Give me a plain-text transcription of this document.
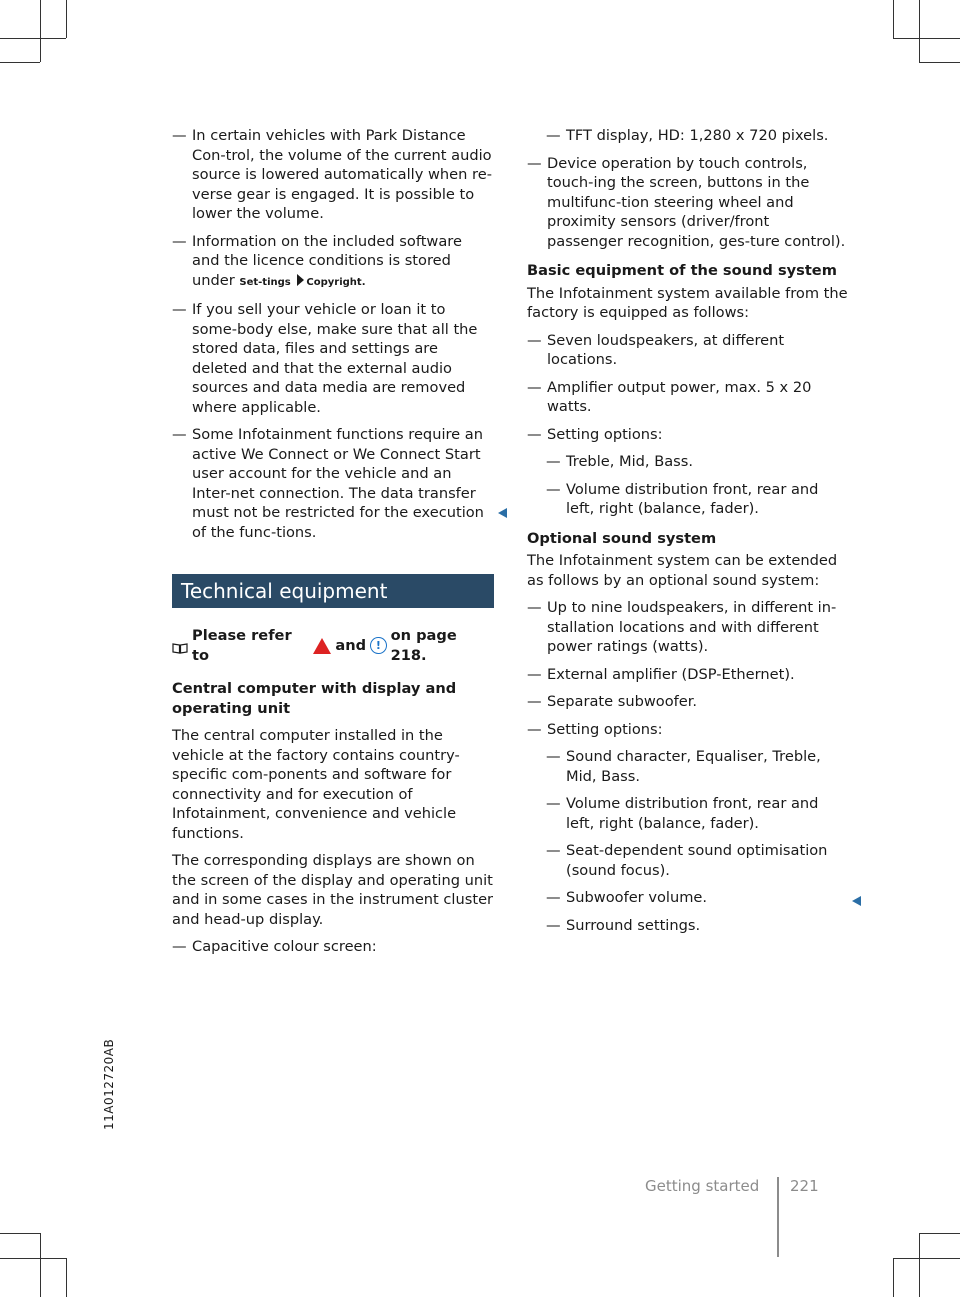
— In certain vehicles with Park Distance Con-trol, the volume of the current audio source is lowered automatically when re-verse gear is engaged. It is possible to lower the volume.
— Information on the included software and the licence conditions is stored under Set-tings Copyright.
— If you sell your vehicle or loan it to some-body else, make sure that all the stored data, files and settings are deleted and that the external audio sources and data media are removed where applicable.
— Some Infotainment functions require an active We Connect or We Connect Start user account for the vehicle and an Inter-net connection. The data transfer must not be restricted for the execution of the func-tions.
Technical equipment
Please refer to
and !
on page 218.
Central computer with display and operating unit
The central computer installed in the vehicle at the factory contains country-specific com-ponents and software for connectivity and for execution of Infotainment, convenience and vehicle functions.
The corresponding displays are shown on the screen of the display and operating unit and in some cases in the instrument cluster and head-up display.
— Capacitive colour screen:
— TFT display, HD: 1,280 x 720 pixels.
— Device operation by touch controls, touch-ing the screen, buttons in the multifunc-tion steering wheel and proximity sensors (driver/front passenger recognition, ges-ture control).
Basic equipment of the sound system
The Infotainment system available from the factory is equipped as follows:
— Seven loudspeakers, at different locations.
— Amplifier output power, max. 5 x 20 watts.
— Setting options:
— Treble, Mid, Bass.
— Volume distribution front, rear and left, right (balance, fader).
Optional sound system
The Infotainment system can be extended as follows by an optional sound system:
— Up to nine loudspeakers, in different in-stallation locations and with different power ratings (watts).
— External amplifier (DSP-Ethernet).
— Separate subwoofer.
— Setting options:
— Sound character, Equaliser, Treble, Mid, Bass.
— Volume distribution front, rear and left, right (balance, fader).
— Seat-dependent sound optimisation (sound focus).
— Subwoofer volume.
— Surround settings.
11A012720AB
Getting started 221
